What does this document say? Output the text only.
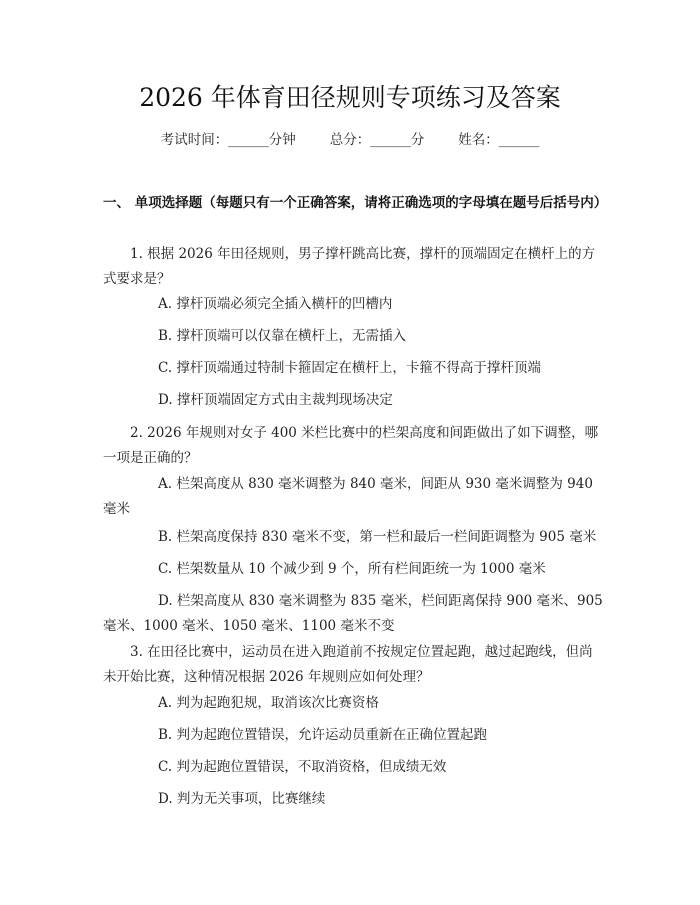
2026 年体育田径规则专项练习及答案
考试时间：______分钟	总分：______分	姓名：______
一、 单项选择题（每题只有一个正确答案，请将正确选项的字母填在题号后括号内）
1. 根据 2026 年田径规则，男子撑杆跳高比赛，撑杆的顶端固定在横杆上的方式要求是？
A. 撑杆顶端必须完全插入横杆的凹槽内
B. 撑杆顶端可以仅靠在横杆上，无需插入
C. 撑杆顶端通过特制卡箍固定在横杆上，卡箍不得高于撑杆顶端
D. 撑杆顶端固定方式由主裁判现场决定
2. 2026 年规则对女子 400 米栏比赛中的栏架高度和间距做出了如下调整，哪一项是正确的？
A. 栏架高度从 830 毫米调整为 840 毫米，间距从 930 毫米调整为 940 毫米
B. 栏架高度保持 830 毫米不变，第一栏和最后一栏间距调整为 905 毫米
C. 栏架数量从 10 个减少到 9 个，所有栏间距统一为 1000 毫米
D. 栏架高度从 830 毫米调整为 835 毫米，栏间距离保持 900 毫米、905 毫米、1000 毫米、1050 毫米、1100 毫米不变
3. 在田径比赛中，运动员在进入跑道前不按规定位置起跑，越过起跑线，但尚未开始比赛，这种情况根据 2026 年规则应如何处理？
A. 判为起跑犯规，取消该次比赛资格
B. 判为起跑位置错误，允许运动员重新在正确位置起跑
C. 判为起跑位置错误，不取消资格，但成绩无效
D. 判为无关事项，比赛继续
